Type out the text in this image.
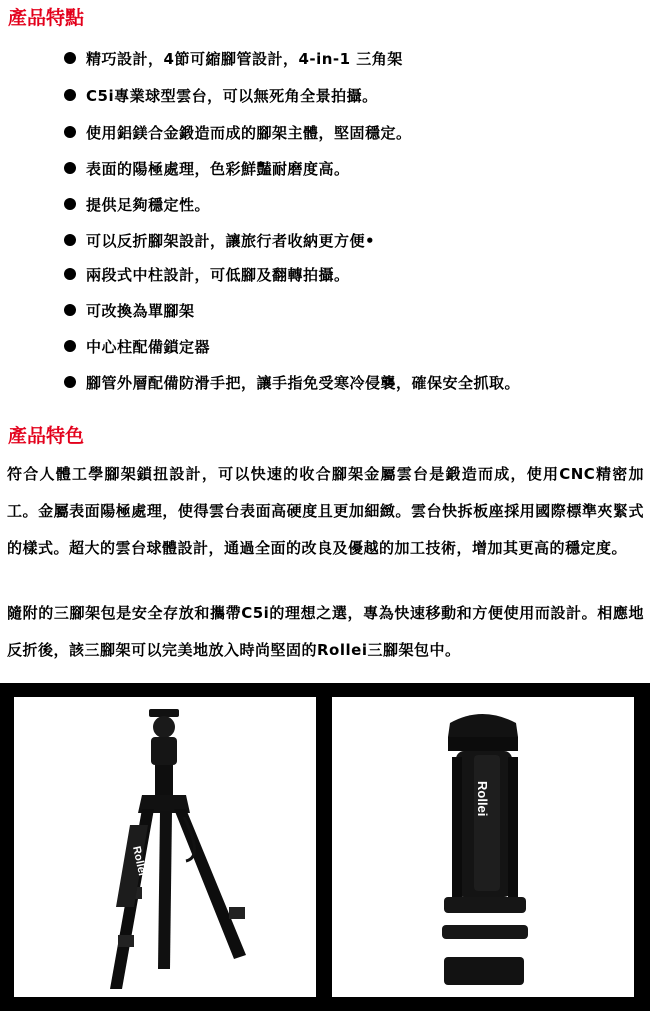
產品特點
精巧設計，4節可縮腳管設計，4-in-1 三角架
C5i專業球型雲台，可以無死角全景拍攝。
使用鋁鎂合金鍛造而成的腳架主體，堅固穩定。
表面的陽極處理，色彩鮮豔耐磨度高。
提供足夠穩定性。
可以反折腳架設計，讓旅行者收納更方便•
兩段式中柱設計，可低腳及翻轉拍攝。
可改換為單腳架
中心柱配備鎖定器
腳管外層配備防滑手把，讓手指免受寒冷侵襲，確保安全抓取。
產品特色

符合人體工學腳架鎖扭設計，可以快速的收合腳架金屬雲台是鍛造而成，使用CNC精密加工。金屬表面陽極處理，使得雲台表面高硬度且更加細緻。雲台快拆板座採用國際標準夾緊式的樣式。超大的雲台球體設計，通過全面的改良及優越的加工技術，增加其更高的穩定度。

隨附的三腳架包是安全存放和攜帶C5i的理想之選，專為快速移動和方便使用而設計。相應地反折後，該三腳架可以完美地放入時尚堅固的Rollei三腳架包中。

Rollei
Rollei
